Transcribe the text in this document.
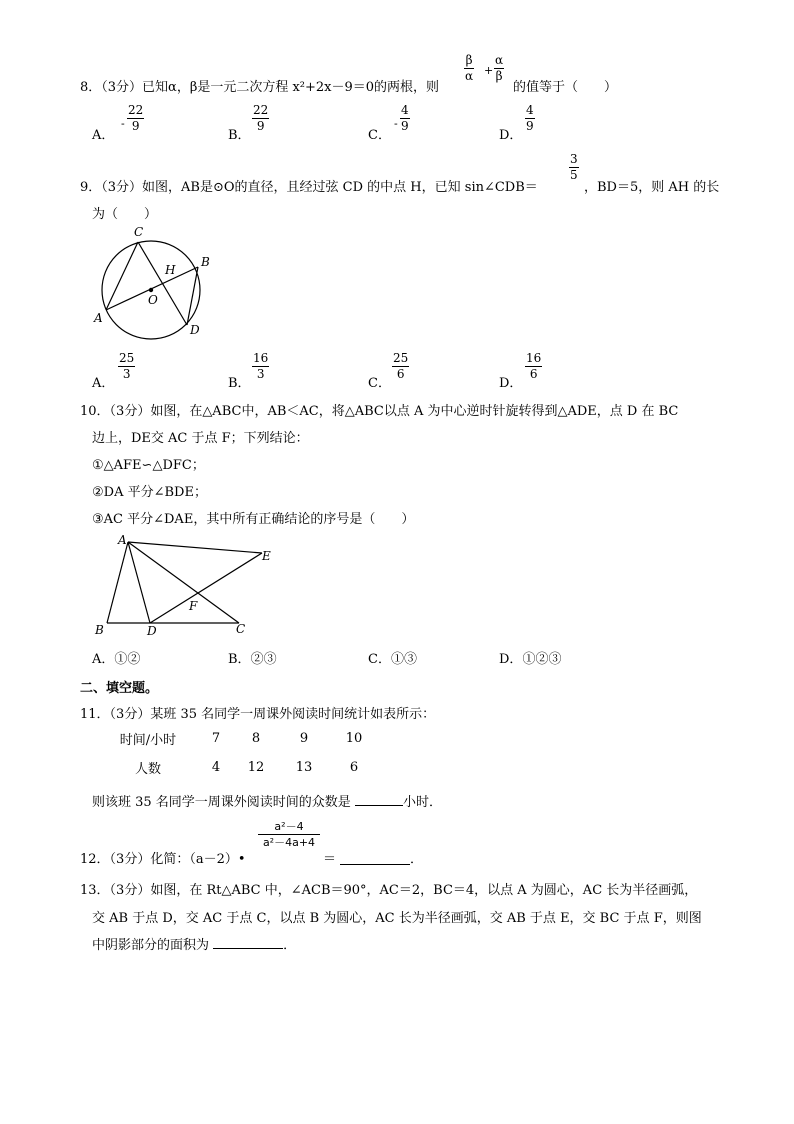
8．（3分）已知α，β是一元二次方程 x²+2x－9＝0的两根，则
β
α +
α
β
的值等于（　　）
A．
-
22
9
B．
22
9
C．
-
4
9
D．
4
9
9．（3分）如图，AB是⊙O的直径，且经过弦 CD 的中点 H，已知 sin∠CDB＝
3
5
，BD＝5，则 AH 的长
为（　　）
C
H
B
O
A
D
A．
25
3
B．
16
3
C．
25
6
D．
16
6
10．（3分）如图，在△ABC中，AB＜AC，将△ABC以点 A 为中心逆时针旋转得到△ADE，点 D 在 BC
边上，DE交 AC 于点 F；下列结论：
①△AFE∽△DFC；
②DA 平分∠BDE；
③AC 平分∠DAE，其中所有正确结论的序号是（　　）
A
E
F
B	D	C
A．①②	B．②③	C．①③	D．①②③
二、填空题。
11．（3分）某班 35 名同学一周课外阅读时间统计如表所示：
时间/小时	7	8	9	10
人数	4	12	13	6
则该班 35 名同学一周课外阅读时间的众数是	小时．
12．（3分）化简：（a－2）•
a²－4
a²－4a+4
＝	．
13．（3分）如图，在 Rt△ABC 中，∠ACB＝90°，AC＝2，BC＝4，以点 A 为圆心，AC 长为半径画弧，
交 AB 于点 D，交 AC 于点 C，以点 B 为圆心，AC 长为半径画弧，交 AB 于点 E，交 BC 于点 F，则图
中阴影部分的面积为	．
